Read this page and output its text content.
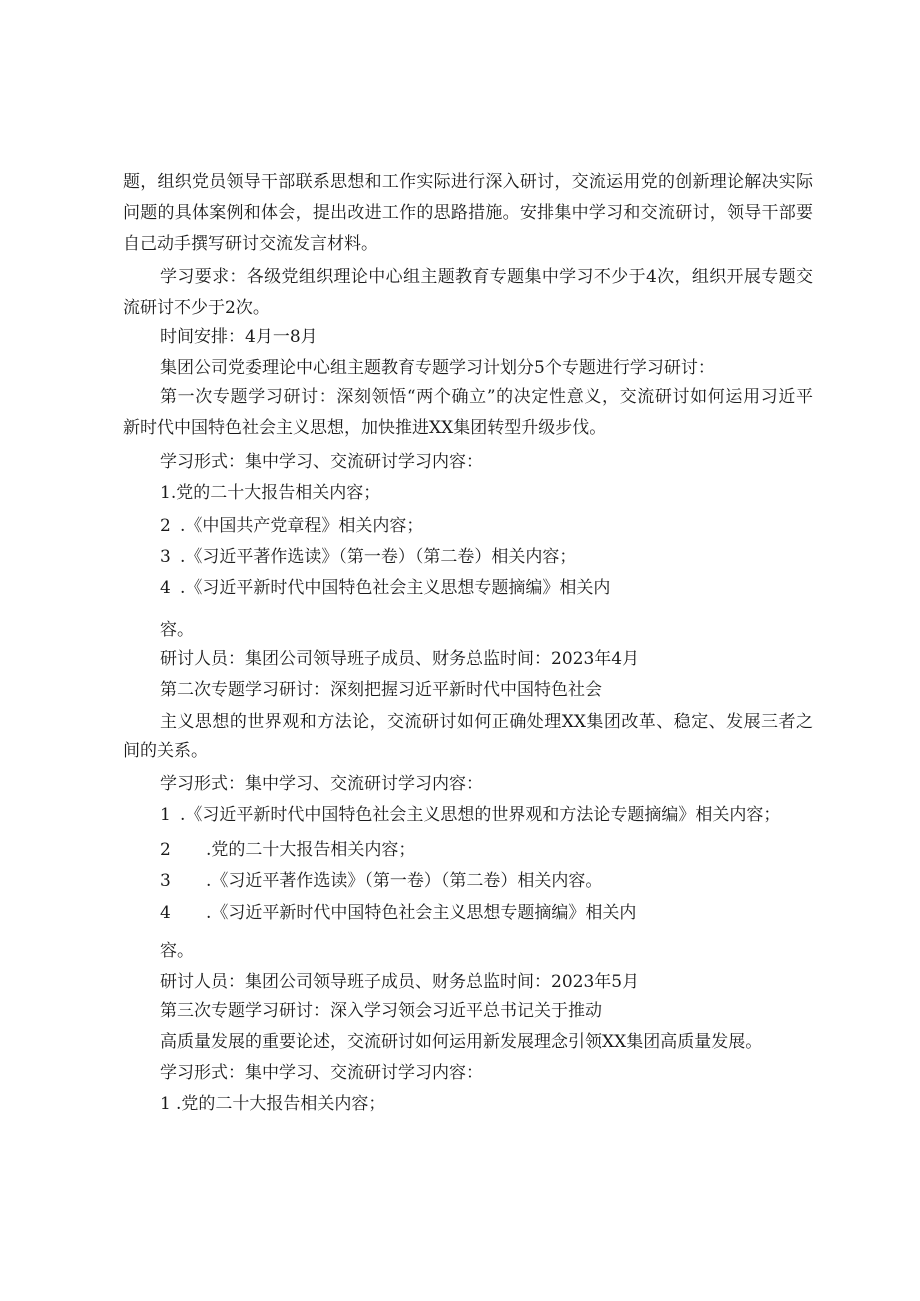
题，组织党员领导干部联系思想和工作实际进行深入研讨，交流运用党的创新理论解决实际
问题的具体案例和体会，提出改进工作的思路措施。安排集中学习和交流研讨，领导干部要
自己动手撰写研讨交流发言材料。
学习要求：各级党组织理论中心组主题教育专题集中学习不少于4次，组织开展专题交
流研讨不少于2次。
时间安排：4月一8月
集团公司党委理论中心组主题教育专题学习计划分5个专题进行学习研讨：
第一次专题学习研讨：深刻领悟“两个确立”的决定性意义，交流研讨如何运用习近平
新时代中国特色社会主义思想，加快推进XX集团转型升级步伐。
学习形式：集中学习、交流研讨学习内容：
1.党的二十大报告相关内容；
2 .《中国共产党章程》相关内容；
3 .《习近平著作选读》（第一卷）（第二卷）相关内容；
4 .《习近平新时代中国特色社会主义思想专题摘编》相关内
容。
研讨人员：集团公司领导班子成员、财务总监时间：2023年4月
第二次专题学习研讨：深刻把握习近平新时代中国特色社会
主义思想的世界观和方法论，交流研讨如何正确处理XX集团改革、稳定、发展三者之
间的关系。
学习形式：集中学习、交流研讨学习内容：
1 .《习近平新时代中国特色社会主义思想的世界观和方法论专题摘编》相关内容；
2 .党的二十大报告相关内容；
3 .《习近平著作选读》（第一卷）（第二卷）相关内容。
4 .《习近平新时代中国特色社会主义思想专题摘编》相关内
容。
研讨人员：集团公司领导班子成员、财务总监时间：2023年5月
第三次专题学习研讨：深入学习领会习近平总书记关于推动
高质量发展的重要论述，交流研讨如何运用新发展理念引领XX集团高质量发展。
学习形式：集中学习、交流研讨学习内容：
1 .党的二十大报告相关内容；
